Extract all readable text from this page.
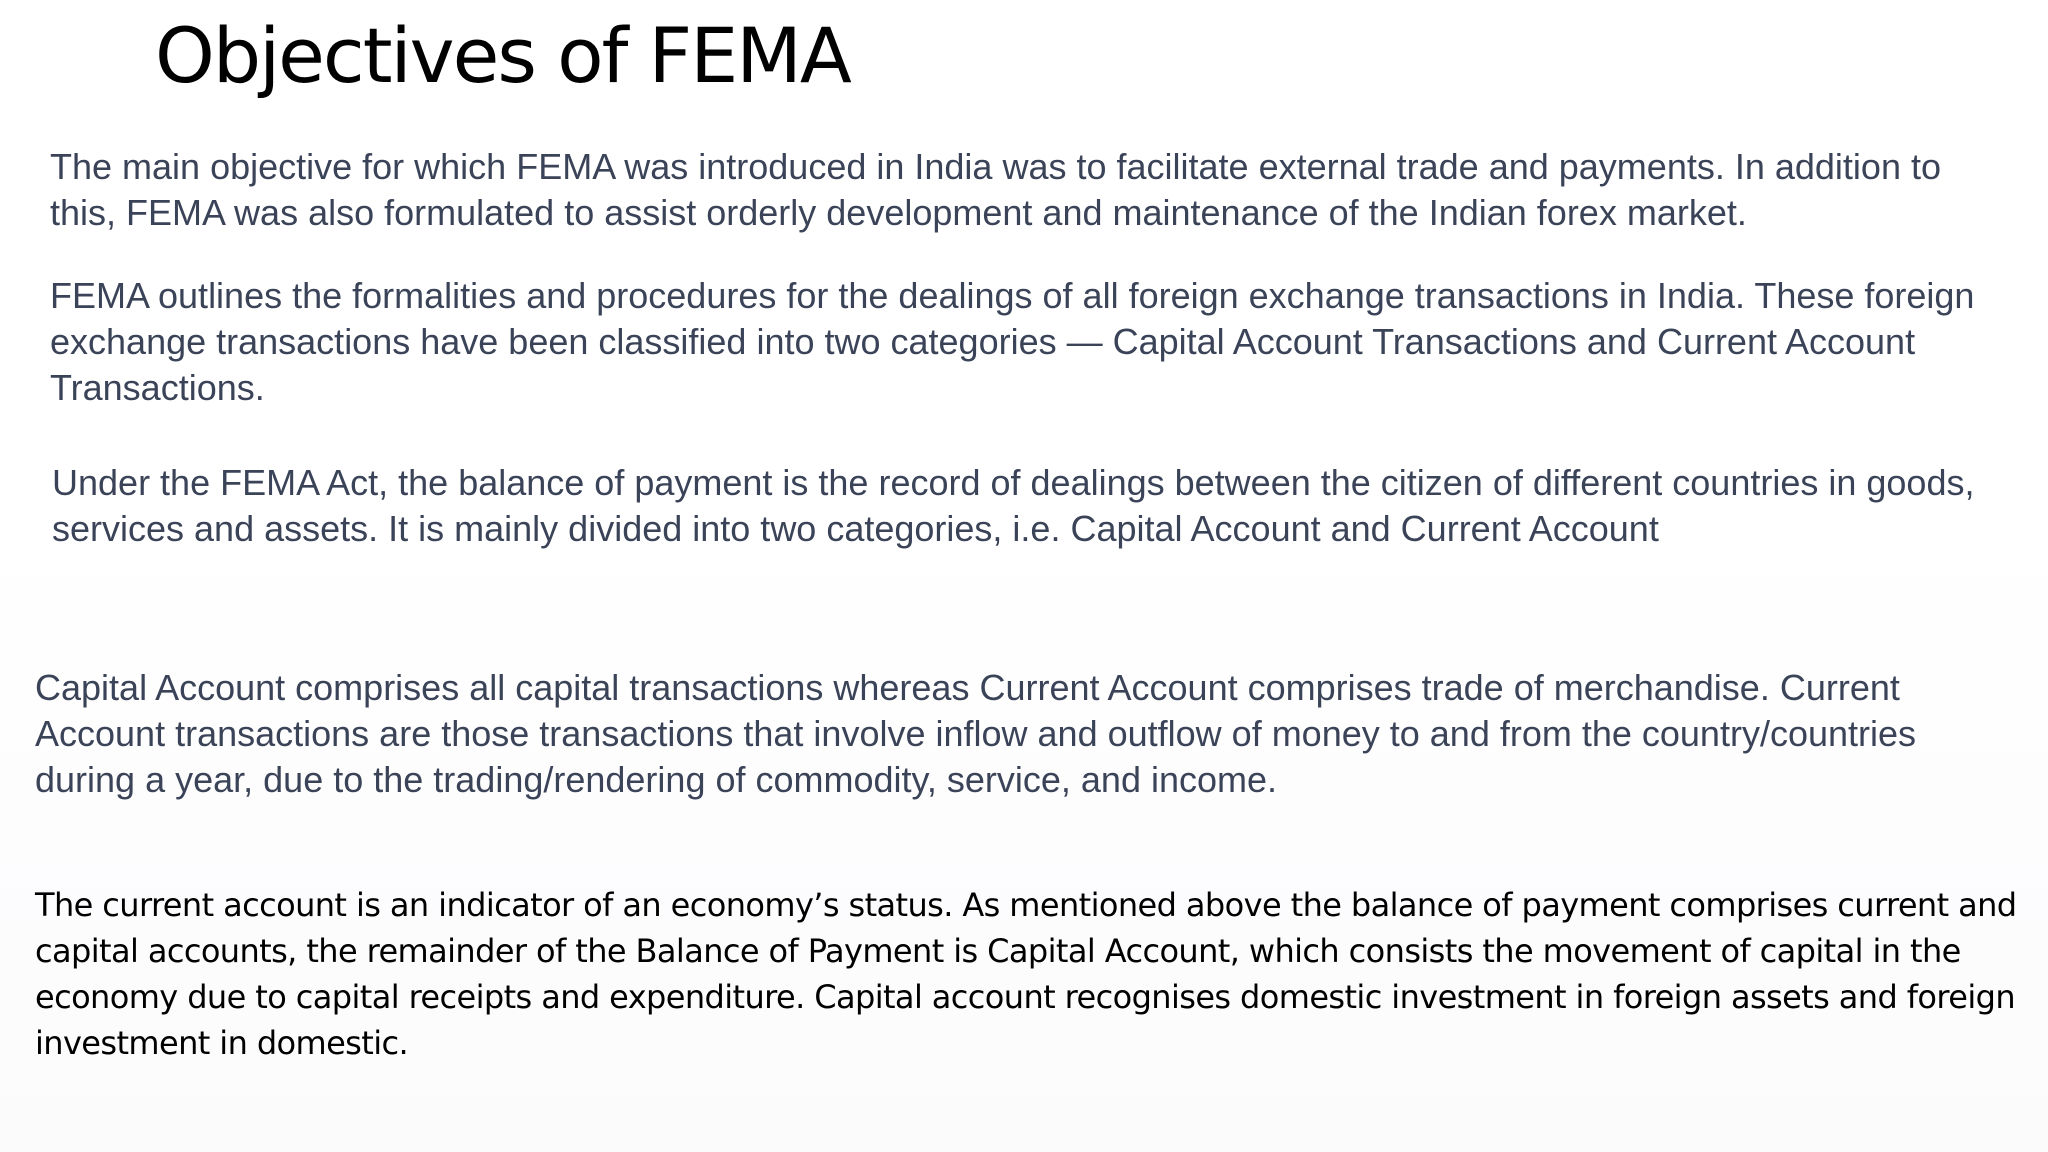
Objectives of FEMA

The main objective for which FEMA was introduced in India was to facilitate external trade and payments. In addition to this, FEMA was also formulated to assist orderly development and maintenance of the Indian forex market.

FEMA outlines the formalities and procedures for the dealings of all foreign exchange transactions in India. These foreign exchange transactions have been classified into two categories — Capital Account Transactions and Current Account Transactions.

Under the FEMA Act, the balance of payment is the record of dealings between the citizen of different countries in goods, services and assets. It is mainly divided into two categories, i.e. Capital Account and Current Account

Capital Account comprises all capital transactions whereas Current Account comprises trade of merchandise. Current Account transactions are those transactions that involve inflow and outflow of money to and from the country/countries during a year, due to the trading/rendering of commodity, service, and income.

The current account is an indicator of an economy’s status. As mentioned above the balance of payment comprises current and capital accounts, the remainder of the Balance of Payment is Capital Account, which consists the movement of capital in the economy due to capital receipts and expenditure. Capital account recognises domestic investment in foreign assets and foreign investment in domestic.
